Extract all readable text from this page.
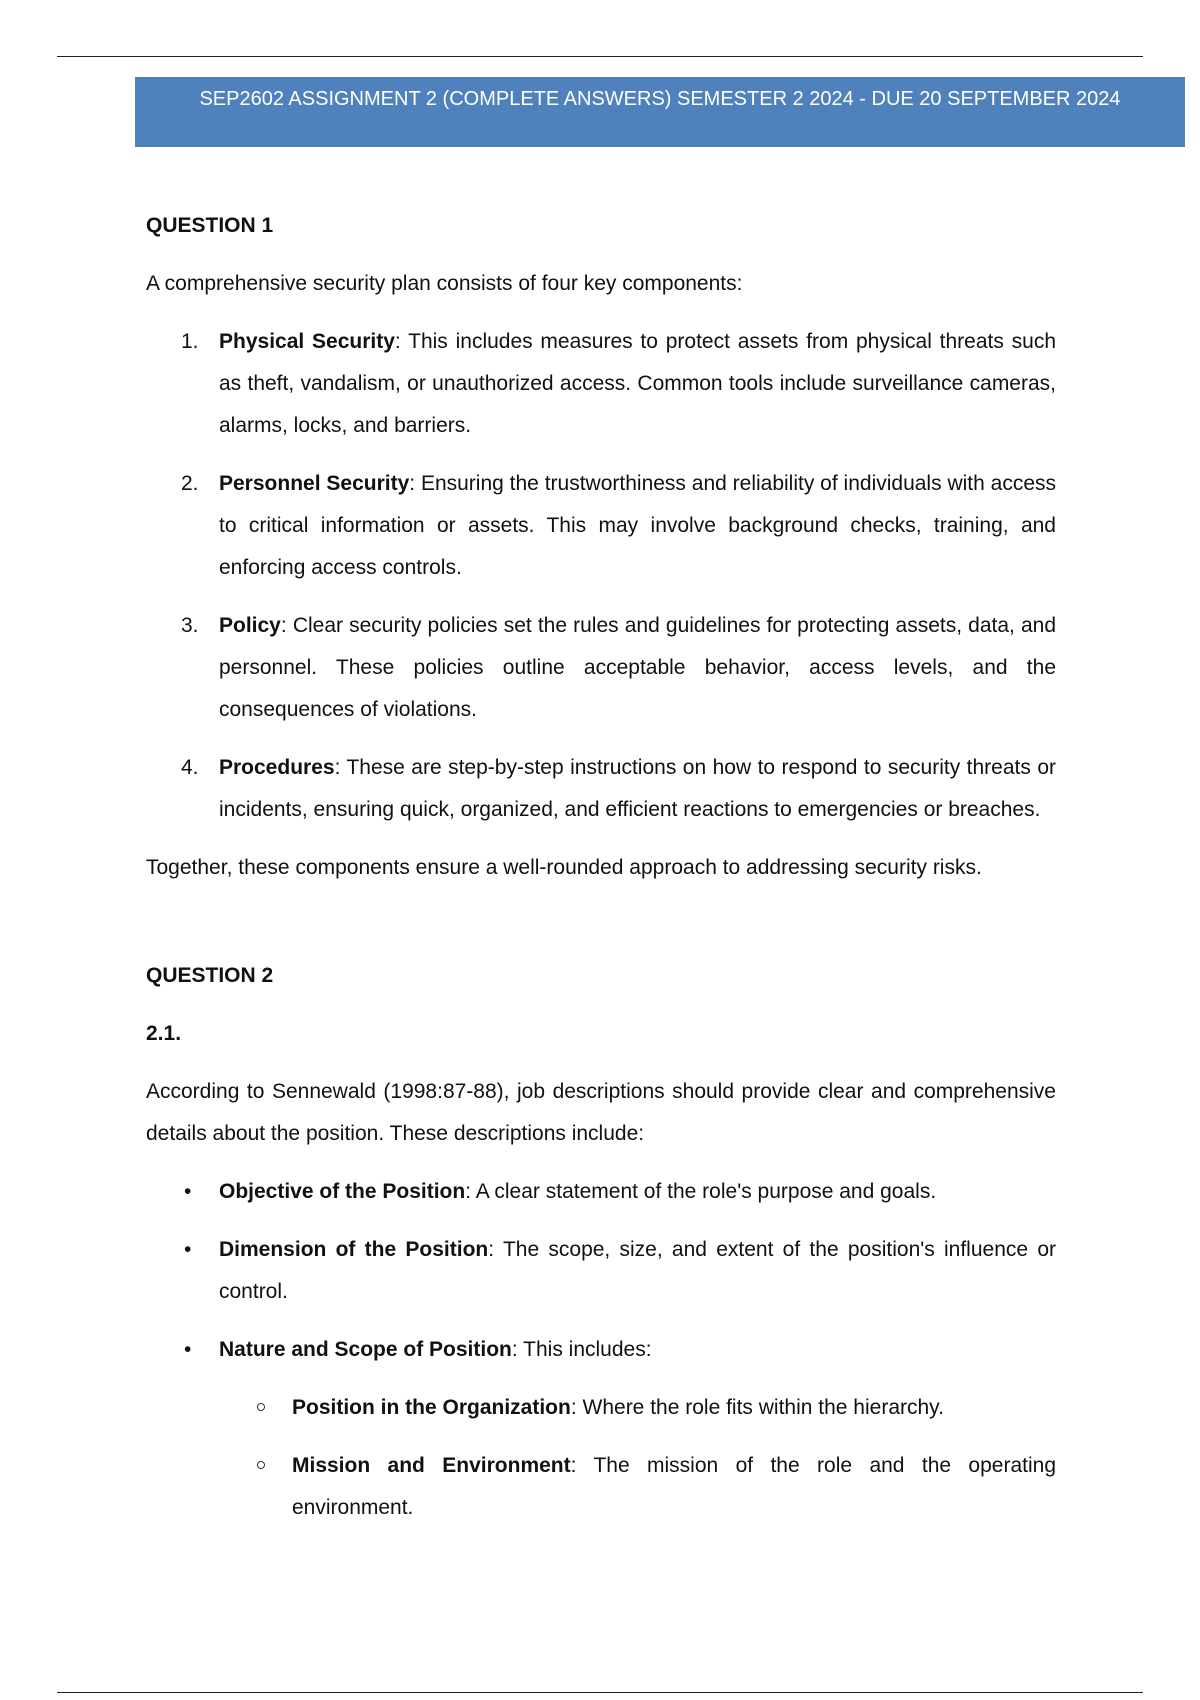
SEP2602 ASSIGNMENT 2 (COMPLETE ANSWERS) SEMESTER 2 2024 - DUE 20 SEPTEMBER 2024
QUESTION 1

A comprehensive security plan consists of four key components:

1. Physical Security: This includes measures to protect assets from physical threats such as theft, vandalism, or unauthorized access. Common tools include surveillance cameras, alarms, locks, and barriers.
2. Personnel Security: Ensuring the trustworthiness and reliability of individuals with access to critical information or assets. This may involve background checks, training, and enforcing access controls.
3. Policy: Clear security policies set the rules and guidelines for protecting assets, data, and personnel. These policies outline acceptable behavior, access levels, and the consequences of violations.
4. Procedures: These are step-by-step instructions on how to respond to security threats or incidents, ensuring quick, organized, and efficient reactions to emergencies or breaches.

Together, these components ensure a well-rounded approach to addressing security risks.

QUESTION 2
2.1.

According to Sennewald (1998:87-88), job descriptions should provide clear and comprehensive details about the position. These descriptions include:

• Objective of the Position: A clear statement of the role's purpose and goals.
• Dimension of the Position: The scope, size, and extent of the position's influence or control.
• Nature and Scope of Position: This includes:
Position in the Organization: Where the role fits within the hierarchy.
Mission and Environment: The mission of the role and the operating environment.
